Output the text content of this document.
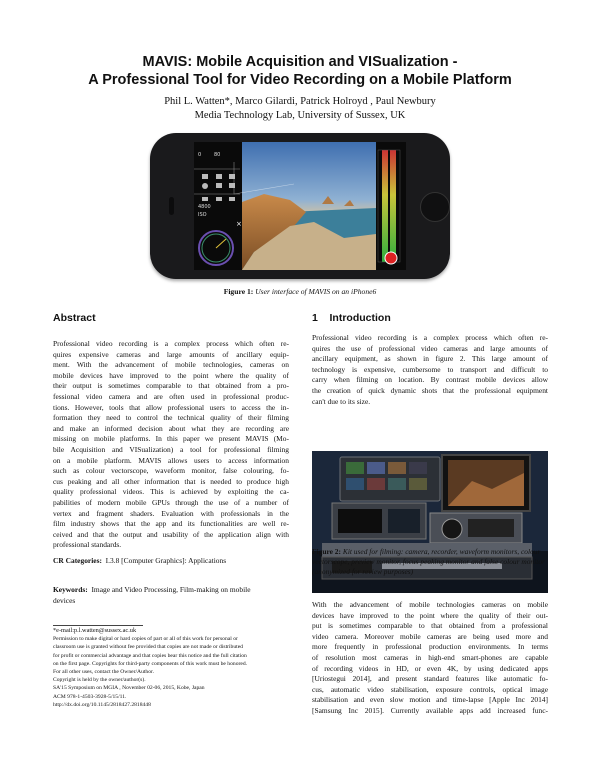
MAVIS: Mobile Acquisition and VISualization -
A Professional Tool for Video Recording on a Mobile Platform
Phil L. Watten*, Marco Gilardi, Patrick Holroyd , Paul Newbury
Media Technology Lab, University of Sussex, UK
0	80
4800
ISO
×
Figure 1: User interface of MAVIS on an iPhone6
Abstract
Professional video recording is a complex process which often re-
quires expensive cameras and large amounts of ancillary equip-
ment. With the advancement of mobile technologies, cameras on
mobile devices have improved to the point where the quality of
their output is sometimes comparable to that obtained from a pro-
fessional video camera and are often used in professional produc-
tions. However, tools that allow professional users to access the in-
formation they need to control the technical quality of their filming
and make an informed decision about what they are recording are
missing on mobile platforms. In this paper we present MAVIS (Mo-
bile Acquisition and VISualization) a tool for professional filming
on a mobile platform. MAVIS allows users to access information
such as colour vectorscope, waveform monitor, false colouring, fo-
cus peaking and all other information that is needed to produce high
quality professional videos. This is achieved by exploiting the ca-
pabilities of modern mobile GPUs through the use of a number of
vertex and fragment shaders. Evaluation with professionals in the
film industry shows that the app and its functionalities are well re-
ceived and that the output and usability of the application align with
professional standards.
CR Categories: I.3.8 [Computer Graphics]: Applications
Keywords: Image and Video Processing, Film-making on mobile
devices
*e-mail:p.l.watten@sussex.ac.uk
Permission to make digital or hard copies of part or all of this work for personal or
classroom use is granted without fee provided that copies are not made or distributed
for profit or commercial advantage and that copies bear this notice and the full citation
on the first page. Copyrights for third-party components of this work must be honored.
For all other uses, contact the Owner/Author.
Copyright is held by the owner/author(s).
SA'15 Symposium on MGIA , November 02-06, 2015, Kobe, Japan
ACM 978-1-4503-3928-5/15/11.
http://dx.doi.org/10.1145/2818427.2818448
1 Introduction
Professional video recording is a complex process which often re-
quires the use of professional video cameras and large amounts of
ancillary equipment, as shown in figure 2. This large amount of
technology is expensive, cumbersome to transport and difficult to
carry when filming on location. By contrast mobile devices allow
the creation of quick dynamic shots that the professional equipment
can't due to its size.
Figure 2: Kit used for filming: camera, recorder, waveform monitors, colour vectorscope, preview monitor, focus peaking monitor and false colour monitor (anonymized for review purposes)
With the advancement of mobile technologies cameras on mobile
devices have improved to the point where the quality of their out-
put is sometimes comparable to that obtained from a professional
video camera. Moreover mobile cameras are being used more and
more frequently in professional production environments. In terms
of resolution most cameras in high-end smart-phones are capable
of recording videos in HD, or even 4K, by using dedicated apps
[Uriostegui 2014], and present standard features like automatic fo-
cus, automatic video stabilisation, exposure controls, optical image
stabilisation and even slow motion and time-lapse [Apple Inc 2014]
[Samsung Inc 2015]. Currently available apps add increased func-
